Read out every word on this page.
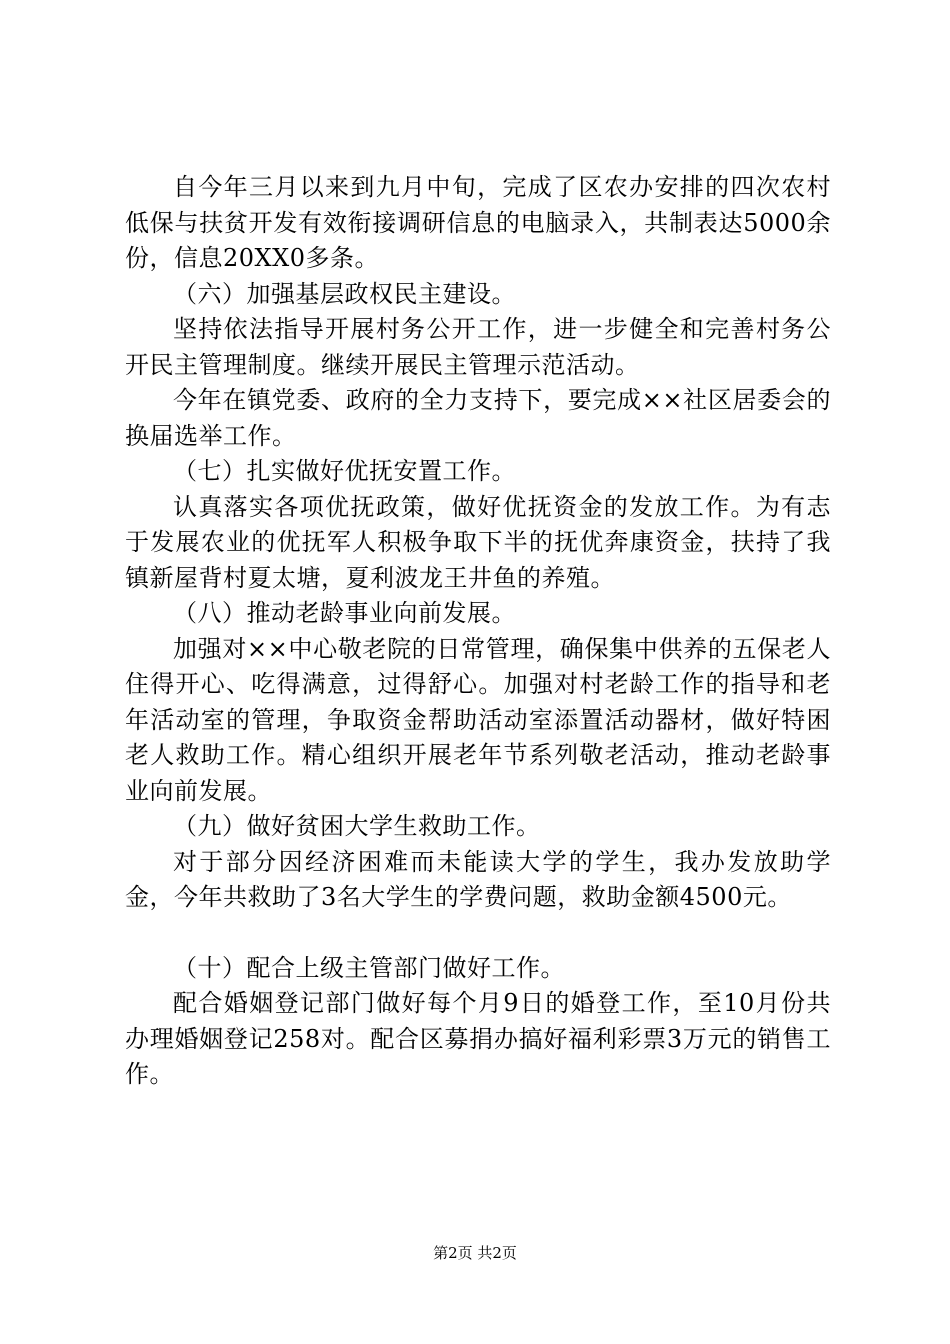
自今年三月以来到九月中旬，完成了区农办安排的四次农村低保与扶贫开发有效衔接调研信息的电脑录入，共制表达5000余份，信息20XX0多条。

（六）加强基层政权民主建设。

坚持依法指导开展村务公开工作，进一步健全和完善村务公开民主管理制度。继续开展民主管理示范活动。

今年在镇党委、政府的全力支持下，要完成××社区居委会的换届选举工作。

（七）扎实做好优抚安置工作。

认真落实各项优抚政策，做好优抚资金的发放工作。为有志于发展农业的优抚军人积极争取下半的抚优奔康资金，扶持了我镇新屋背村夏太塘，夏利波龙王井鱼的养殖。

（八）推动老龄事业向前发展。

加强对××中心敬老院的日常管理，确保集中供养的五保老人住得开心、吃得满意，过得舒心。加强对村老龄工作的指导和老年活动室的管理，争取资金帮助活动室添置活动器材，做好特困老人救助工作。精心组织开展老年节系列敬老活动，推动老龄事业向前发展。

（九）做好贫困大学生救助工作。

对于部分因经济困难而未能读大学的学生，我办发放助学金，今年共救助了3名大学生的学费问题，救助金额4500元。

（十）配合上级主管部门做好工作。

配合婚姻登记部门做好每个月9日的婚登工作，至10月份共办理婚姻登记258对。配合区募捐办搞好福利彩票3万元的销售工作。

第2页 共2页
